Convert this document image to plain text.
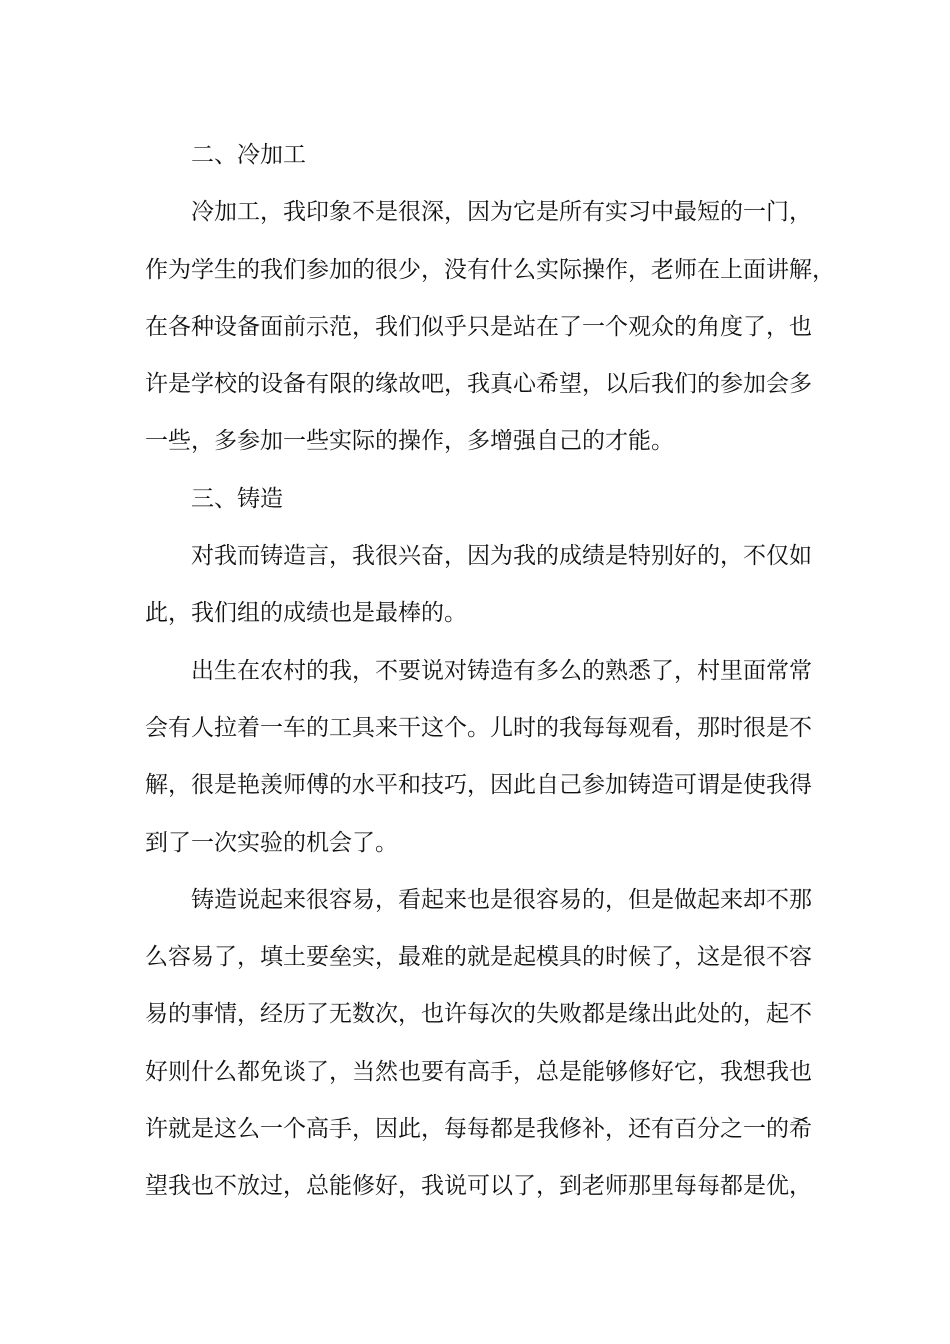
二、冷加工
冷加工，我印象不是很深，因为它是所有实习中最短的一门，
作为学生的我们参加的很少，没有什么实际操作，老师在上面讲解，
在各种设备面前示范，我们似乎只是站在了一个观众的角度了，也
许是学校的设备有限的缘故吧，我真心希望，以后我们的参加会多
一些，多参加一些实际的操作，多增强自己的才能。
三、铸造
对我而铸造言，我很兴奋，因为我的成绩是特别好的，不仅如
此，我们组的成绩也是最棒的。
出生在农村的我，不要说对铸造有多么的熟悉了，村里面常常
会有人拉着一车的工具来干这个。儿时的我每每观看，那时很是不
解，很是艳羡师傅的水平和技巧，因此自己参加铸造可谓是使我得
到了一次实验的机会了。
铸造说起来很容易，看起来也是很容易的，但是做起来却不那
么容易了，填土要垒实，最难的就是起模具的时候了，这是很不容
易的事情，经历了无数次，也许每次的失败都是缘出此处的，起不
好则什么都免谈了，当然也要有高手，总是能够修好它，我想我也
许就是这么一个高手，因此，每每都是我修补，还有百分之一的希
望我也不放过，总能修好，我说可以了，到老师那里每每都是优，
